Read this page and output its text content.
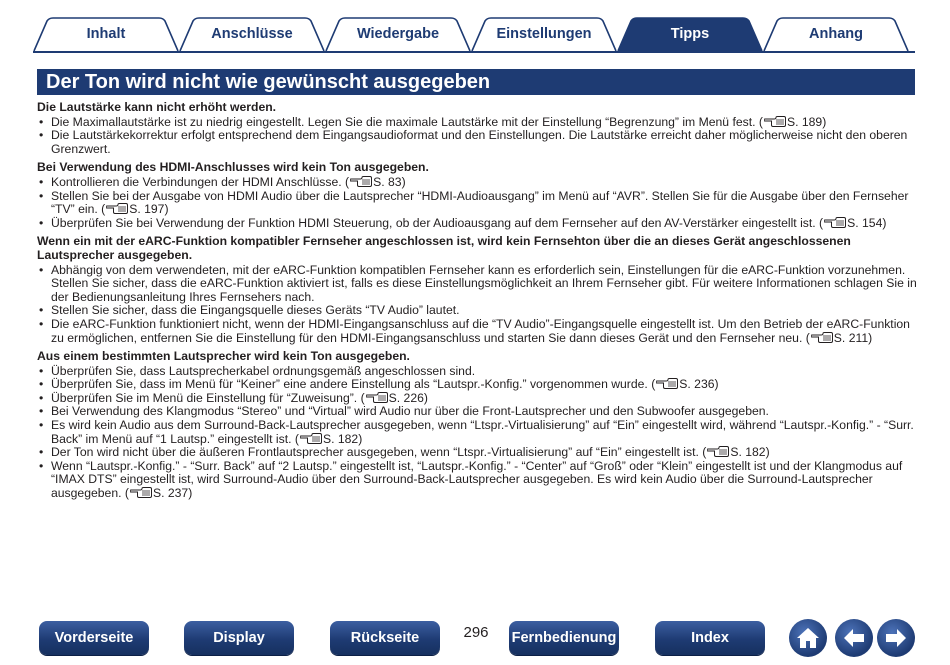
Inhalt	Anschlüsse	Wiedergabe	Einstellungen	Tipps	Anhang
Der Ton wird nicht wie gewünscht ausgegeben

Die Lautstärke kann nicht erhöht werden.

• Die Maximallautstärke ist zu niedrig eingestellt. Legen Sie die maximale Lautstärke mit der Einstellung “Begrenzung” im Menü fest. ( S. 189)
• Die Lautstärkekorrektur erfolgt entsprechend dem Eingangsaudioformat und den Einstellungen. Die Lautstärke erreicht daher möglicherweise nicht den oberen Grenzwert.

Bei Verwendung des HDMI-Anschlusses wird kein Ton ausgegeben.

• Kontrollieren die Verbindungen der HDMI Anschlüsse. ( S. 83)
• Stellen Sie bei der Ausgabe von HDMI Audio über die Lautsprecher “HDMI-Audioausgang” im Menü auf “AVR”. Stellen Sie für die Ausgabe über den Fernseher “TV” ein. ( S. 197)
• Überprüfen Sie bei Verwendung der Funktion HDMI Steuerung, ob der Audioausgang auf dem Fernseher auf den AV-Verstärker eingestellt ist. ( S. 154)

Wenn ein mit der eARC-Funktion kompatibler Fernseher angeschlossen ist, wird kein Fernsehton über die an dieses Gerät angeschlossenen Lautsprecher ausgegeben.

• Abhängig von dem verwendeten, mit der eARC-Funktion kompatiblen Fernseher kann es erforderlich sein, Einstellungen für die eARC-Funktion vorzunehmen. Stellen Sie sicher, dass die eARC-Funktion aktiviert ist, falls es diese Einstellungsmöglichkeit an Ihrem Fernseher gibt. Für weitere Informationen schlagen Sie in der Bedienungsanleitung Ihres Fernsehers nach.
• Stellen Sie sicher, dass die Eingangsquelle dieses Geräts “TV Audio” lautet.
• Die eARC-Funktion funktioniert nicht, wenn der HDMI-Eingangsanschluss auf die “TV Audio”-Eingangsquelle eingestellt ist. Um den Betrieb der eARC-Funktion zu ermöglichen, entfernen Sie die Einstellung für den HDMI-Eingangsanschluss und starten Sie dann dieses Gerät und den Fernseher neu. ( S. 211)

Aus einem bestimmten Lautsprecher wird kein Ton ausgegeben.

• Überprüfen Sie, dass Lautsprecherkabel ordnungsgemäß angeschlossen sind.
• Überprüfen Sie, dass im Menü für “Keiner” eine andere Einstellung als “Lautspr.-Konfig.” vorgenommen wurde. ( S. 236)
• Überprüfen Sie im Menü die Einstellung für “Zuweisung”. ( S. 226)
• Bei Verwendung des Klangmodus “Stereo” und “Virtual” wird Audio nur über die Front-Lautsprecher und den Subwoofer ausgegeben.
• Es wird kein Audio aus dem Surround-Back-Lautsprecher ausgegeben, wenn “Ltspr.-Virtualisierung” auf “Ein” eingestellt wird, während “Lautspr.-Konfig.” - “Surr. Back” im Menü auf “1 Lautsp.” eingestellt ist. ( S. 182)
• Der Ton wird nicht über die äußeren Frontlautsprecher ausgegeben, wenn “Ltspr.-Virtualisierung” auf “Ein” eingestellt ist. ( S. 182)
• Wenn “Lautspr.-Konfig.” - “Surr. Back” auf “2 Lautsp.” eingestellt ist, “Lautspr.-Konfig.” - “Center” auf “Groß” oder “Klein” eingestellt ist und der Klangmodus auf “IMAX DTS” eingestellt ist, wird Surround-Audio über den Surround-Back-Lautsprecher ausgegeben. Es wird kein Audio über die Surround-Lautsprecher ausgegeben. ( S. 237)
Vorderseite	Display	Rückseite	296	Fernbedienung	Index
